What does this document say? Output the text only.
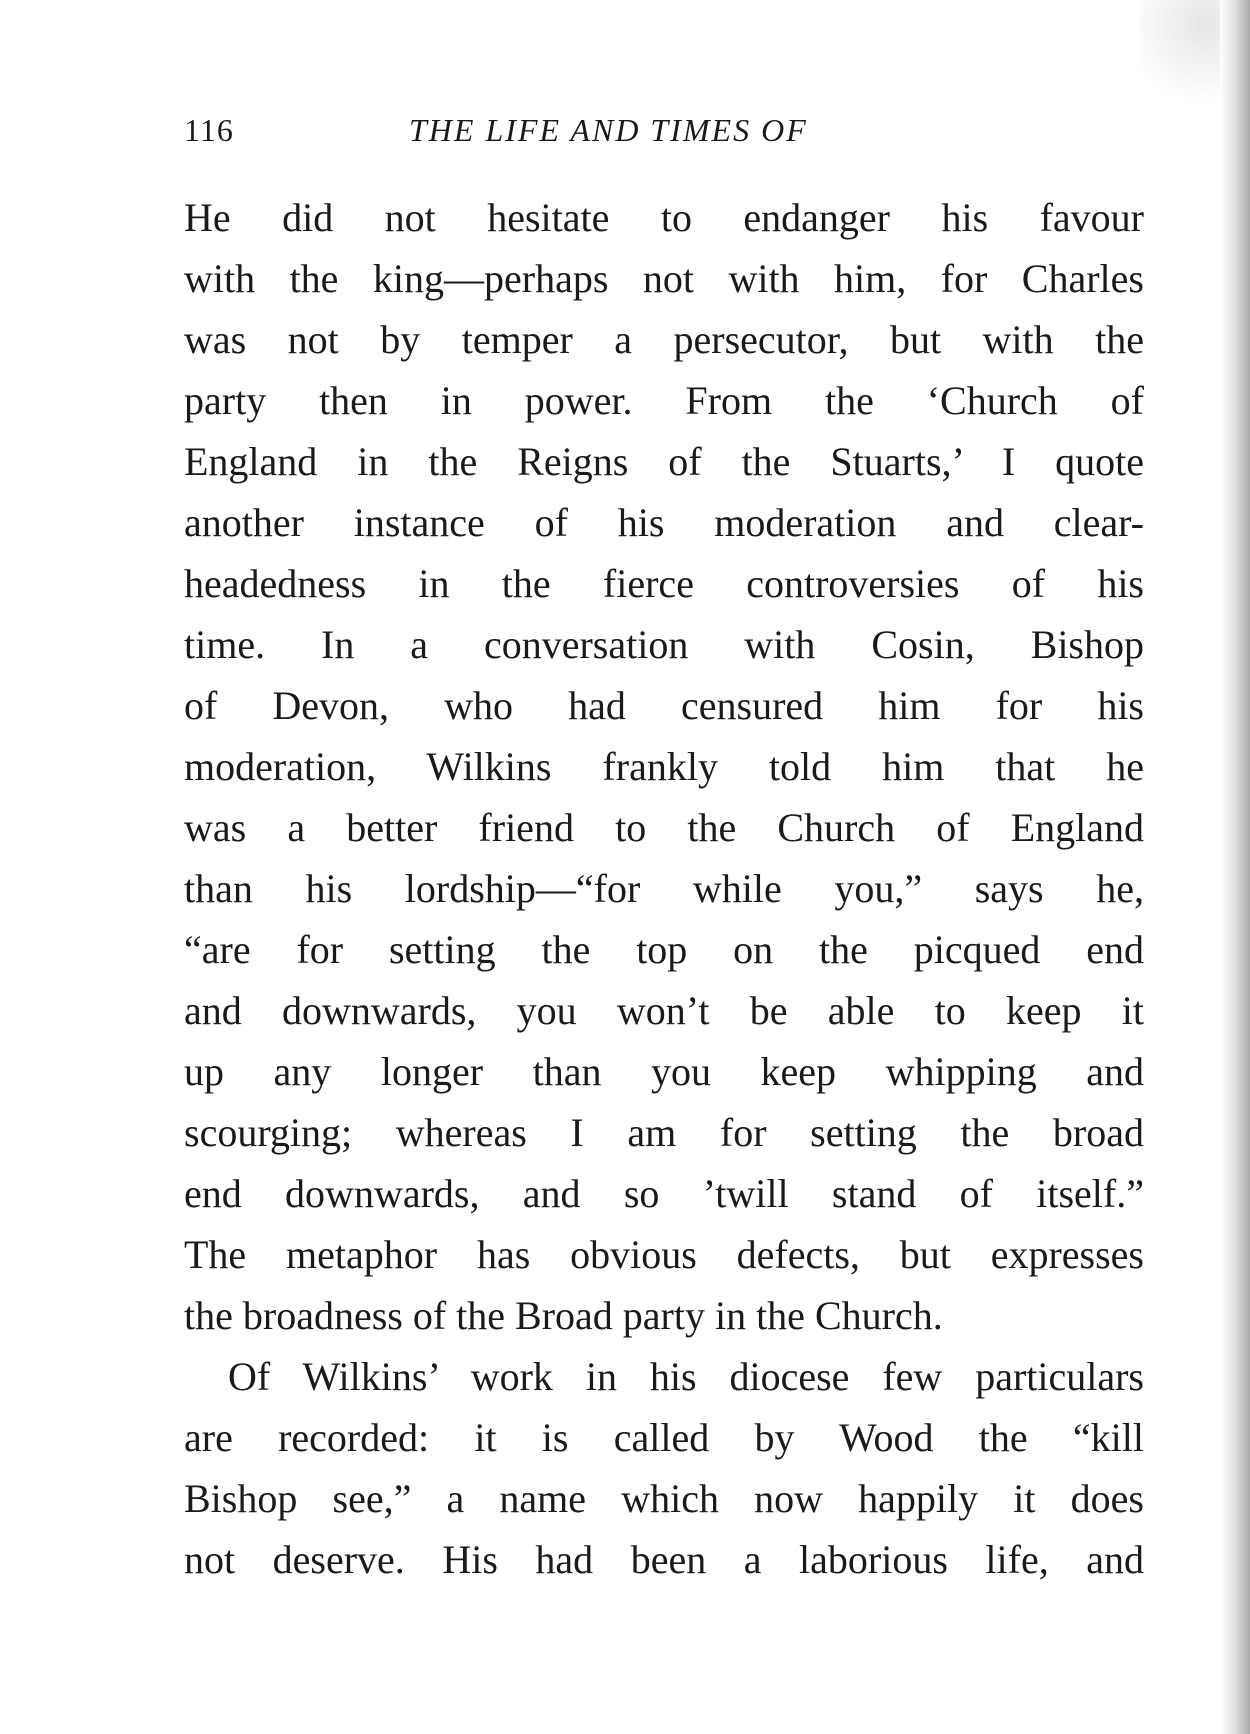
116	THE LIFE AND TIMES OF
He did not hesitate to endanger his favour
with the king—perhaps not with him, for Charles
was not by temper a persecutor, but with the
party then in power. From the ‘Church of
England in the Reigns of the Stuarts,’ I quote
another instance of his moderation and clear-
headedness in the fierce controversies of his
time. In a conversation with Cosin, Bishop
of Devon, who had censured him for his
moderation, Wilkins frankly told him that he
was a better friend to the Church of England
than his lordship—“for while you,” says he,
“are for setting the top on the picqued end
and downwards, you won’t be able to keep it
up any longer than you keep whipping and
scourging; whereas I am for setting the broad
end downwards, and so ’twill stand of itself.”
The metaphor has obvious defects, but expresses
the broadness of the Broad party in the Church.
Of Wilkins’ work in his diocese few particulars
are recorded: it is called by Wood the “kill
Bishop see,” a name which now happily it does
not deserve. His had been a laborious life, and
